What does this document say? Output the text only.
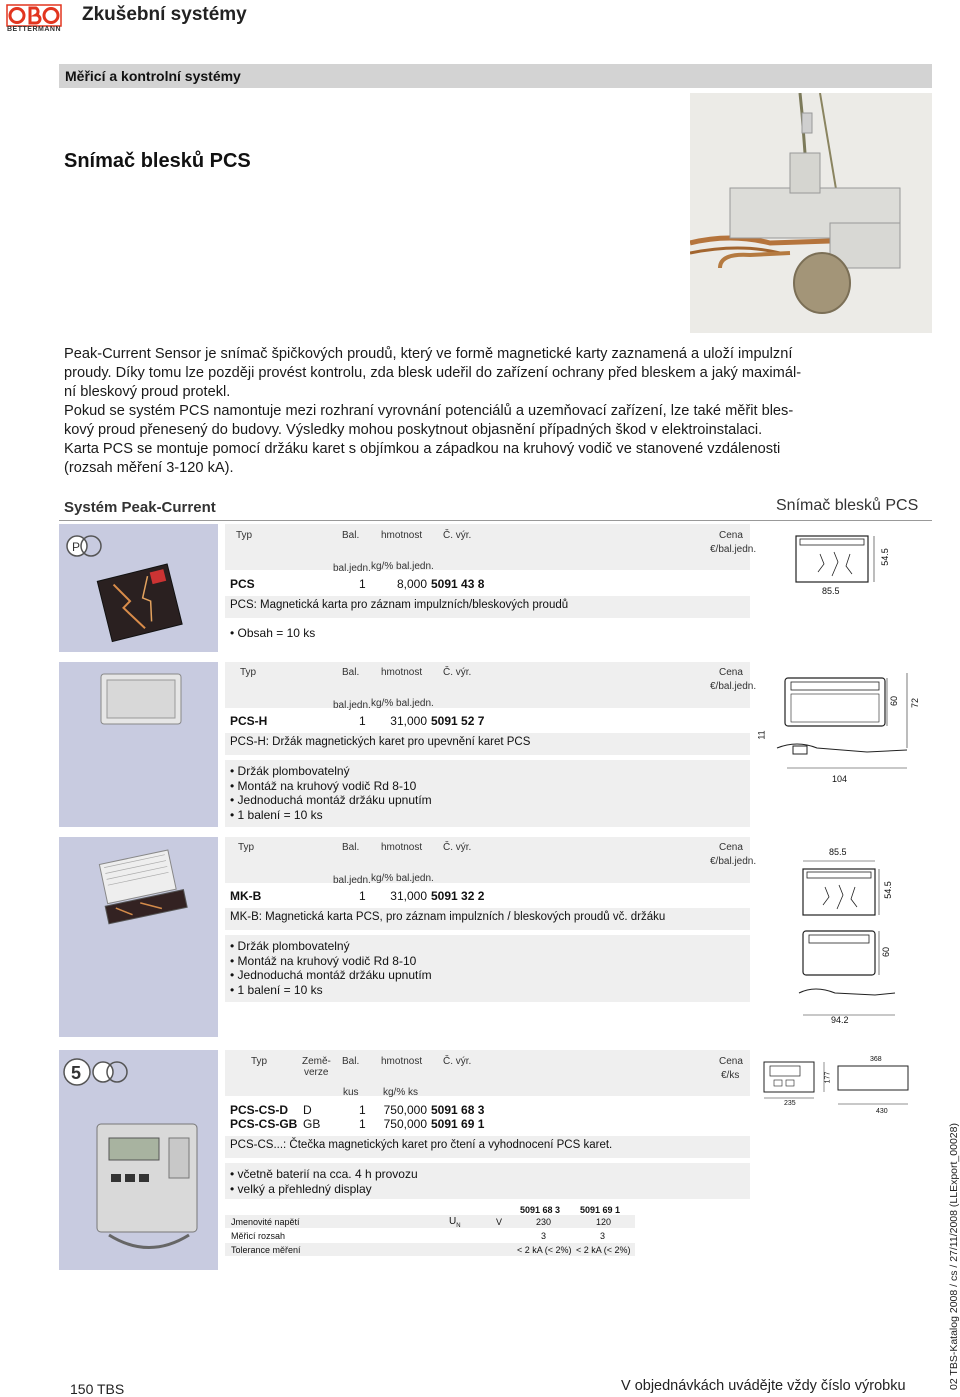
BETTERMANN
Zkušební systémy
Měřicí a kontrolní systémy
Snímač blesků PCS

Peak-Current Sensor je snímač špičkových proudů, který ve formě magnetické karty zaznamená a uloží impulzní

proudy. Díky tomu lze později provést kontrolu, zda blesk udeřil do zařízení ochrany před bleskem a jaký maximál-

ní bleskový proud protekl.

Pokud se systém PCS namontuje mezi rozhraní vyrovnání potenciálů a uzemňovací zařízení, lze také měřit bles-

kový proud přenesený do budovy. Výsledky mohou poskytnout objasnění případných škod v elektroinstalaci.

Karta PCS se montuje pomocí držáku karet s objímkou a západkou na kruhový vodič ve stanovené vzdálenosti

(rozsah měření 3-120 kA).

Systém Peak-Current	Snímač blesků PCS
P
Typ	Bal. hmotnost Č. výr.	Cena
€/bal.jedn.
bal.jedn. kg/% bal.jedn.
PCS	1	8,000 5091 43 8
PCS: Magnetická karta pro záznam impulzních/bleskových proudů
• Obsah = 10 ks
85.5
54.5
Typ	Bal. hmotnost Č. výr.	Cena
€/bal.jedn.
bal.jedn. kg/% bal.jedn.
PCS-H	1	31,000 5091 52 7
PCS-H: Držák magnetických karet pro upevnění karet PCS
• Držák plombovatelný
• Montáž na kruhový vodič Rd 8-10
• Jednoduchá montáž držáku upnutím
• 1 balení = 10 ks
60 72
11
104
Typ	Bal. hmotnost Č. výr.	Cena
€/bal.jedn.
bal.jedn. kg/% bal.jedn.
MK-B	1	31,000 5091 32 2
MK-B: Magnetická karta PCS, pro záznam impulzních / bleskových proudů vč. držáku
• Držák plombovatelný
• Montáž na kruhový vodič Rd 8-10
• Jednoduchá montáž držáku upnutím
• 1 balení = 10 ks
85.5
54.5
60
94.2
5
Typ	Země-
verze
Bal. hmotnost Č. výr.	Cena
€/ks
kus kg/% ks
PCS-CS-D D	1	750,000 5091 68 3
PCS-CS-GB GB	1	750,000 5091 69 1
PCS-CS...: Čtečka magnetických karet pro čtení a vyhodnocení PCS karet.
• včetně baterií na cca. 4 h provozu
• velký a přehledný display
5091 68 3 5091 69 1
Jmenovité napětí	$U_N$	V	230	120
Měřicí rozsah	3	3
Tolerance měření	< 2 kA (< 2%) < 2 kA (< 2%)
177
235
368
430
02 TBS-Katalog 2008 / cs / 27/11/2008 (LLExport_00028)
150 TBS	V objednávkách uvádějte vždy číslo výrobku
